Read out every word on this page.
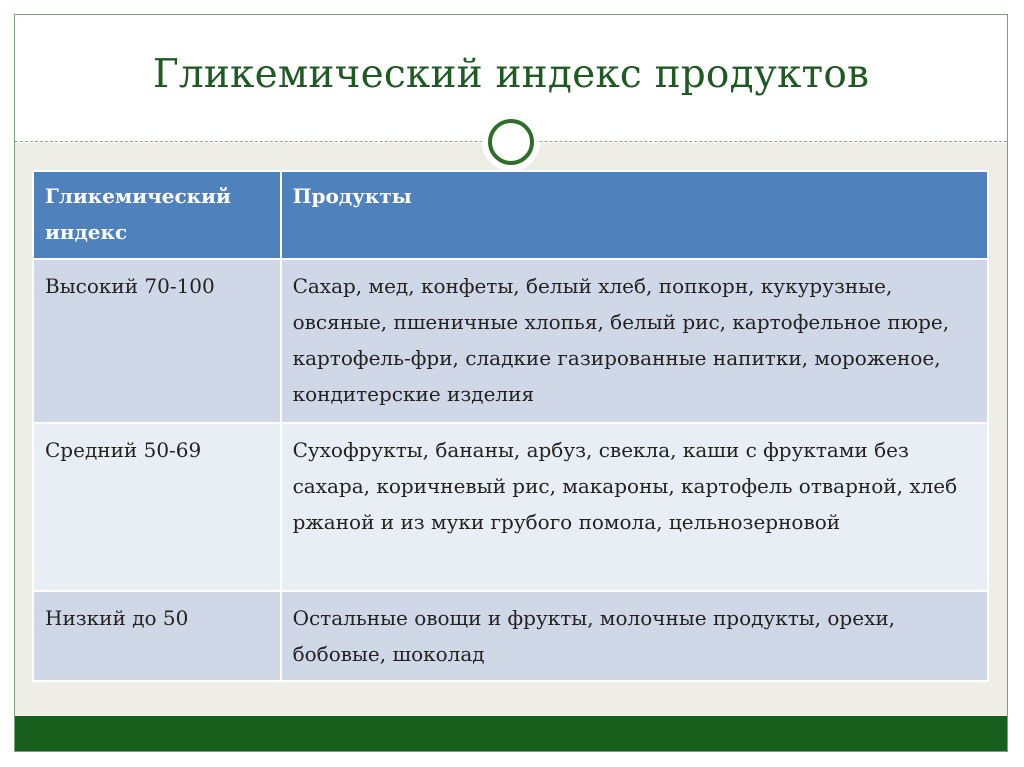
Гликемический индекс продуктов
Гликемический индекс	Продукты

Высокий 70-100	Сахар, мед, конфеты, белый хлеб, попкорн, кукурузные, овсяные, пшеничные хлопья, белый рис, картофельное пюре, картофель-фри, сладкие газированные напитки, мороженое, кондитерские изделия

Средний 50-69	Сухофрукты, бананы, арбуз, свекла, каши с фруктами без сахара, коричневый рис, макароны, картофель отварной, хлеб ржаной и из муки грубого помола, цельнозерновой

Низкий до 50	Остальные овощи и фрукты, молочные продукты, орехи, бобовые, шоколад
